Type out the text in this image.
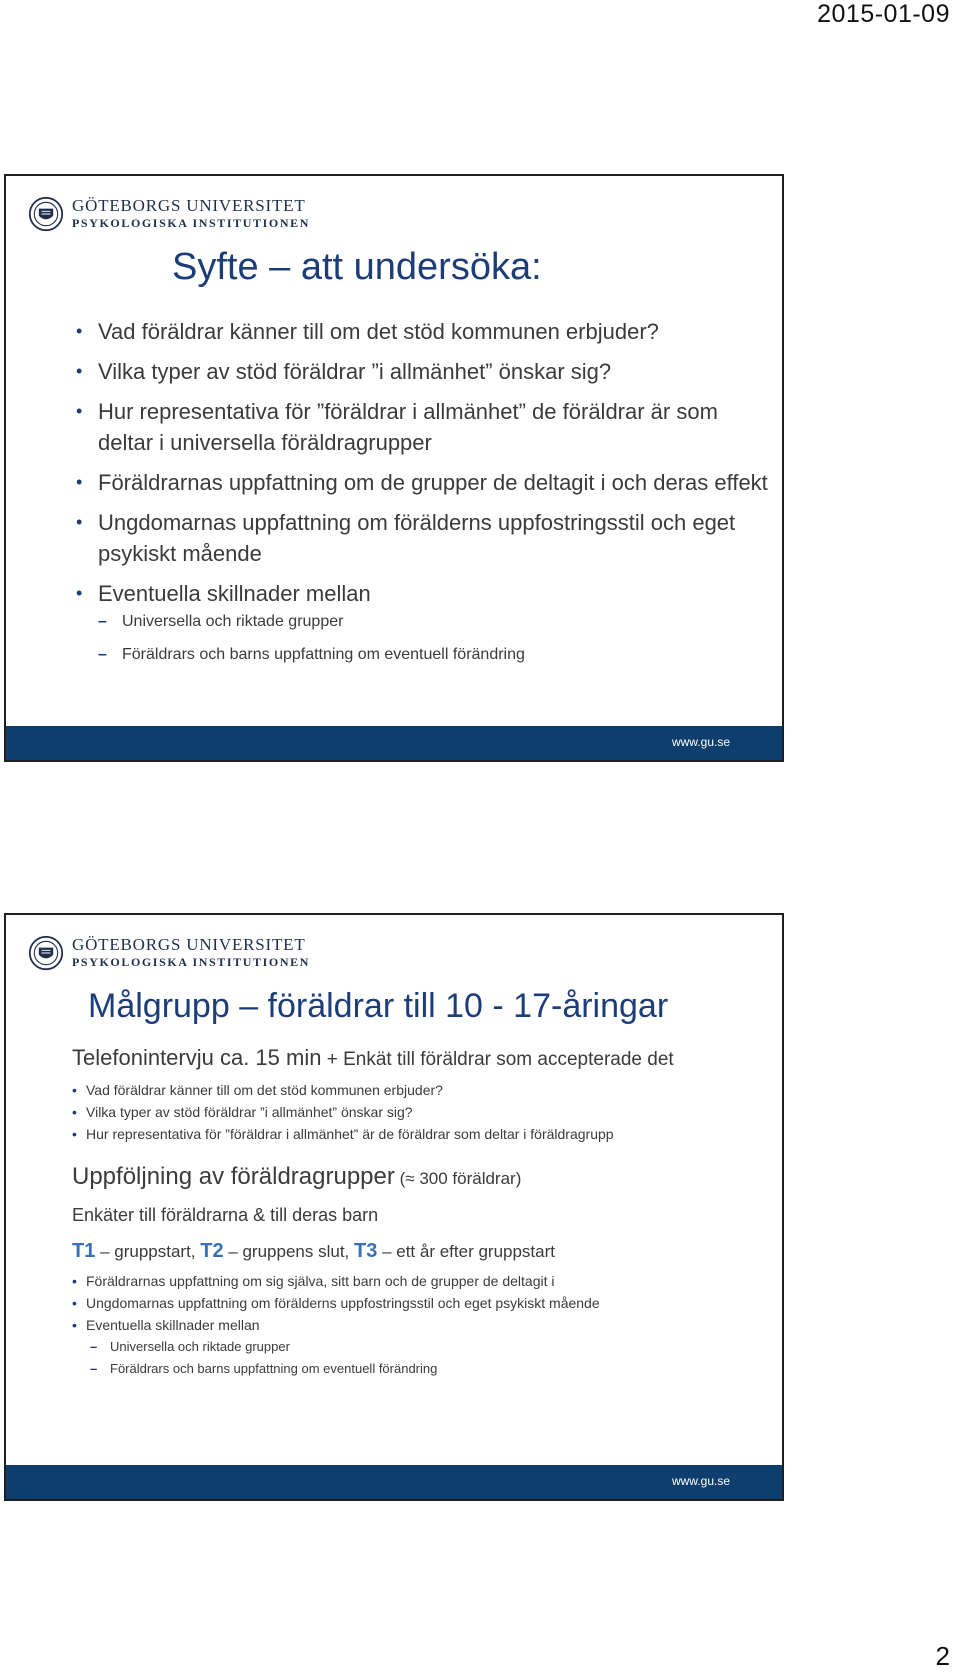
2015-01-09
GÖTEBORGS UNIVERSITET
PSYKOLOGISKA INSTITUTIONEN
Syfte – att undersöka:
• Vad föräldrar känner till om det stöd kommunen erbjuder?
• Vilka typer av stöd föräldrar ”i allmänhet” önskar sig?
• Hur representativa för ”föräldrar i allmänhet” de föräldrar är som deltar i universella föräldragrupper
• Föräldrarnas uppfattning om de grupper de deltagit i och deras effekt
• Ungdomarnas uppfattning om förälderns uppfostringsstil och eget psykiskt mående
• Eventuella skillnader mellan
– Universella och riktade grupper
– Föräldrars och barns uppfattning om eventuell förändring
www.gu.se
GÖTEBORGS UNIVERSITET
PSYKOLOGISKA INSTITUTIONEN
Målgrupp – föräldrar till 10 - 17-åringar
Telefonintervju ca. 15 min + Enkät till föräldrar som accepterade det
• Vad föräldrar känner till om det stöd kommunen erbjuder?
• Vilka typer av stöd föräldrar ”i allmänhet” önskar sig?
• Hur representativa för ”föräldrar i allmänhet” är de föräldrar som deltar i föräldragrupp
Uppföljning av föräldragrupper (≈ 300 föräldrar)
Enkäter till föräldrarna & till deras barn
T1 – gruppstart, T2 – gruppens slut, T3 – ett år efter gruppstart
• Föräldrarnas uppfattning om sig själva, sitt barn och de grupper de deltagit i
• Ungdomarnas uppfattning om förälderns uppfostringsstil och eget psykiskt mående
• Eventuella skillnader mellan
– Universella och riktade grupper
– Föräldrars och barns uppfattning om eventuell förändring
www.gu.se
2
